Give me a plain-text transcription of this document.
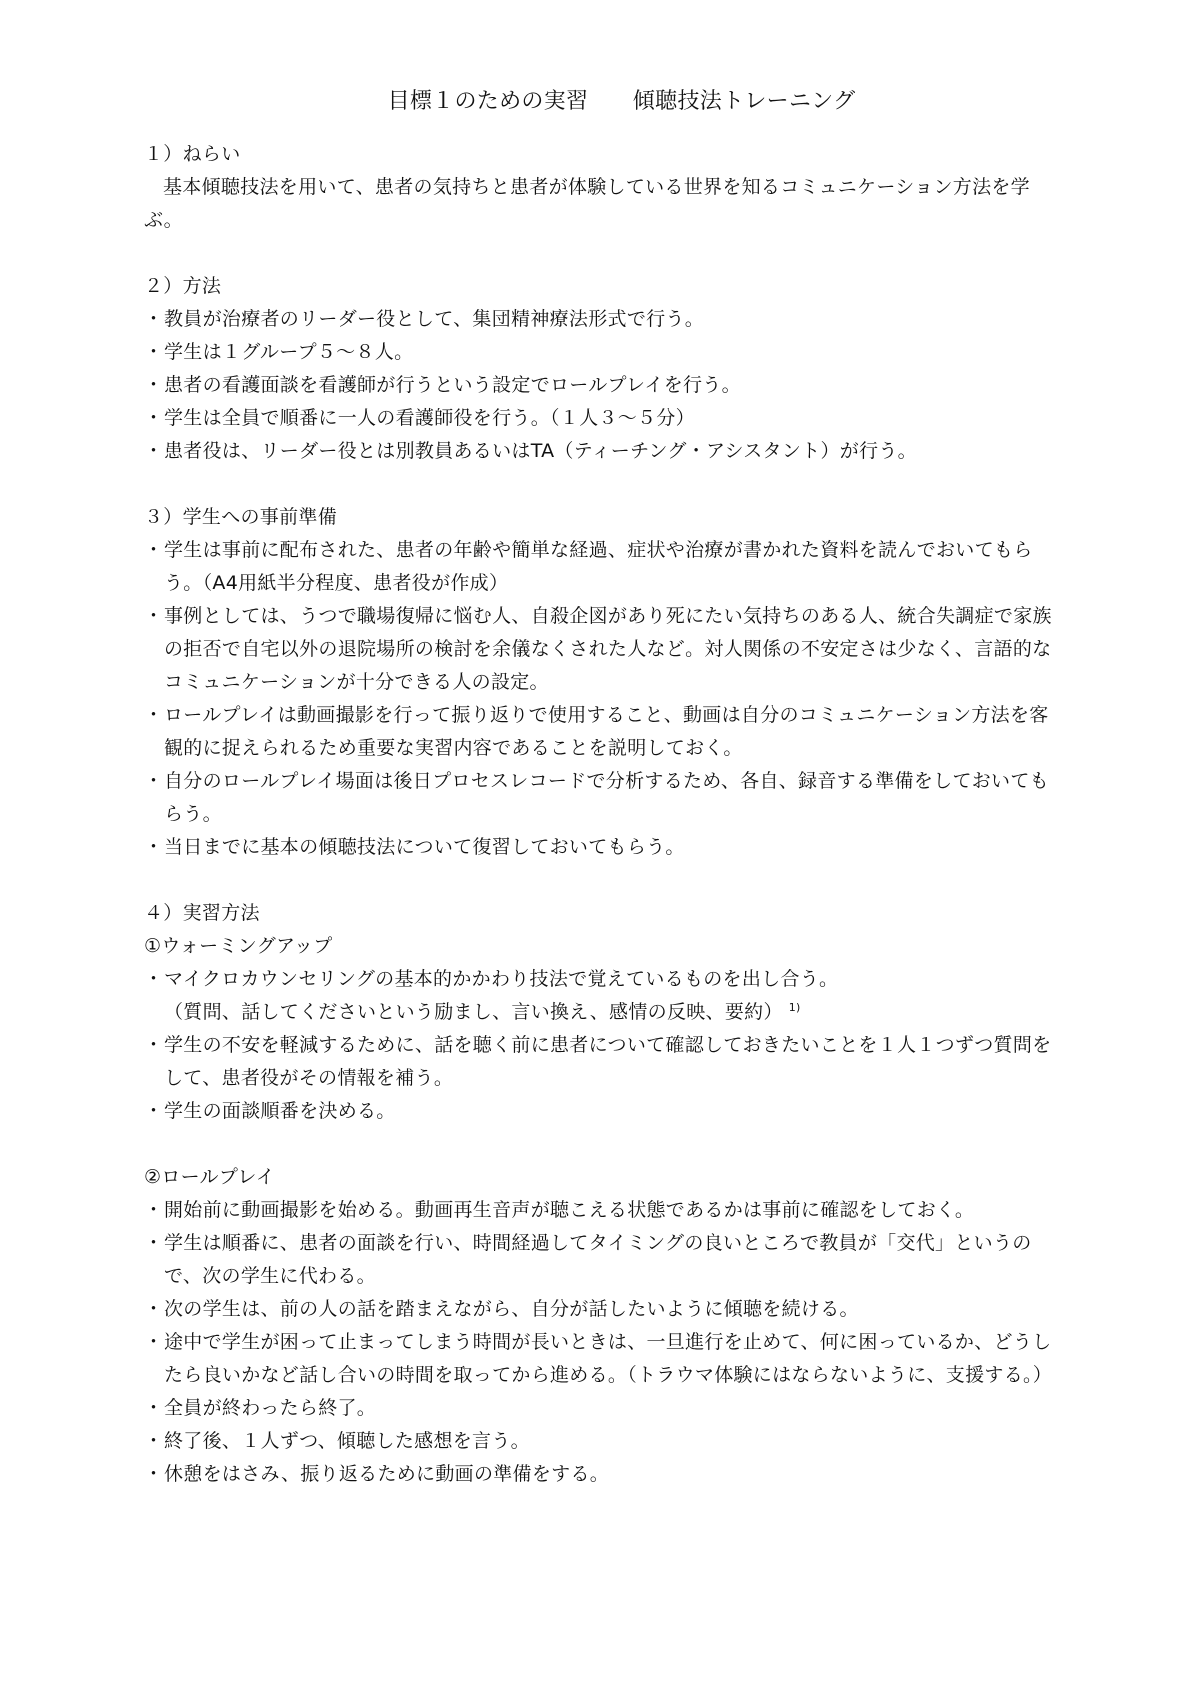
目標１のための実習　　傾聴技法トレーニング
１）ねらい
基本傾聴技法を用いて、患者の気持ちと患者が体験している世界を知るコミュニケーション方法を学ぶ。
２）方法
・ 教員が治療者のリーダー役として、集団精神療法形式で行う。
・ 学生は１グループ５～８人。
・ 患者の看護面談を看護師が行うという設定でロールプレイを行う。
・ 学生は全員で順番に一人の看護師役を行う。（１人３～５分）
・ 患者役は、リーダー役とは別教員あるいはTA（ティーチング・アシスタント）が行う。
３）学生への事前準備
・ 学生は事前に配布された、患者の年齢や簡単な経過、症状や治療が書かれた資料を読んでおいてもらう。（A4用紙半分程度、患者役が作成）
・ 事例としては、うつで職場復帰に悩む人、自殺企図があり死にたい気持ちのある人、統合失調症で家族の拒否で自宅以外の退院場所の検討を余儀なくされた人など。対人関係の不安定さは少なく、言語的なコミュニケーションが十分できる人の設定。
・ ロールプレイは動画撮影を行って振り返りで使用すること、動画は自分のコミュニケーション方法を客観的に捉えられるため重要な実習内容であることを説明しておく。
・ 自分のロールプレイ場面は後日プロセスレコードで分析するため、各自、録音する準備をしておいてもらう。
・ 当日までに基本の傾聴技法について復習しておいてもらう。
４）実習方法
①ウォーミングアップ
・ マイクロカウンセリングの基本的かかわり技法で覚えているものを出し合う。
（質問、話してくださいという励まし、言い換え、感情の反映、要約） $^{1)}$
・ 学生の不安を軽減するために、話を聴く前に患者について確認しておきたいことを１人１つずつ質問をして、患者役がその情報を補う。
・ 学生の面談順番を決める。
②ロールプレイ
・ 開始前に動画撮影を始める。動画再生音声が聴こえる状態であるかは事前に確認をしておく。
・ 学生は順番に、患者の面談を行い、時間経過してタイミングの良いところで教員が「交代」というので、次の学生に代わる。
・ 次の学生は、前の人の話を踏まえながら、自分が話したいように傾聴を続ける。
・ 途中で学生が困って止まってしまう時間が長いときは、一旦進行を止めて、何に困っているか、どうしたら良いかなど話し合いの時間を取ってから進める。（トラウマ体験にはならないように、支援する。）
・ 全員が終わったら終了。
・ 終了後、１人ずつ、傾聴した感想を言う。
・ 休憩をはさみ、振り返るために動画の準備をする。
